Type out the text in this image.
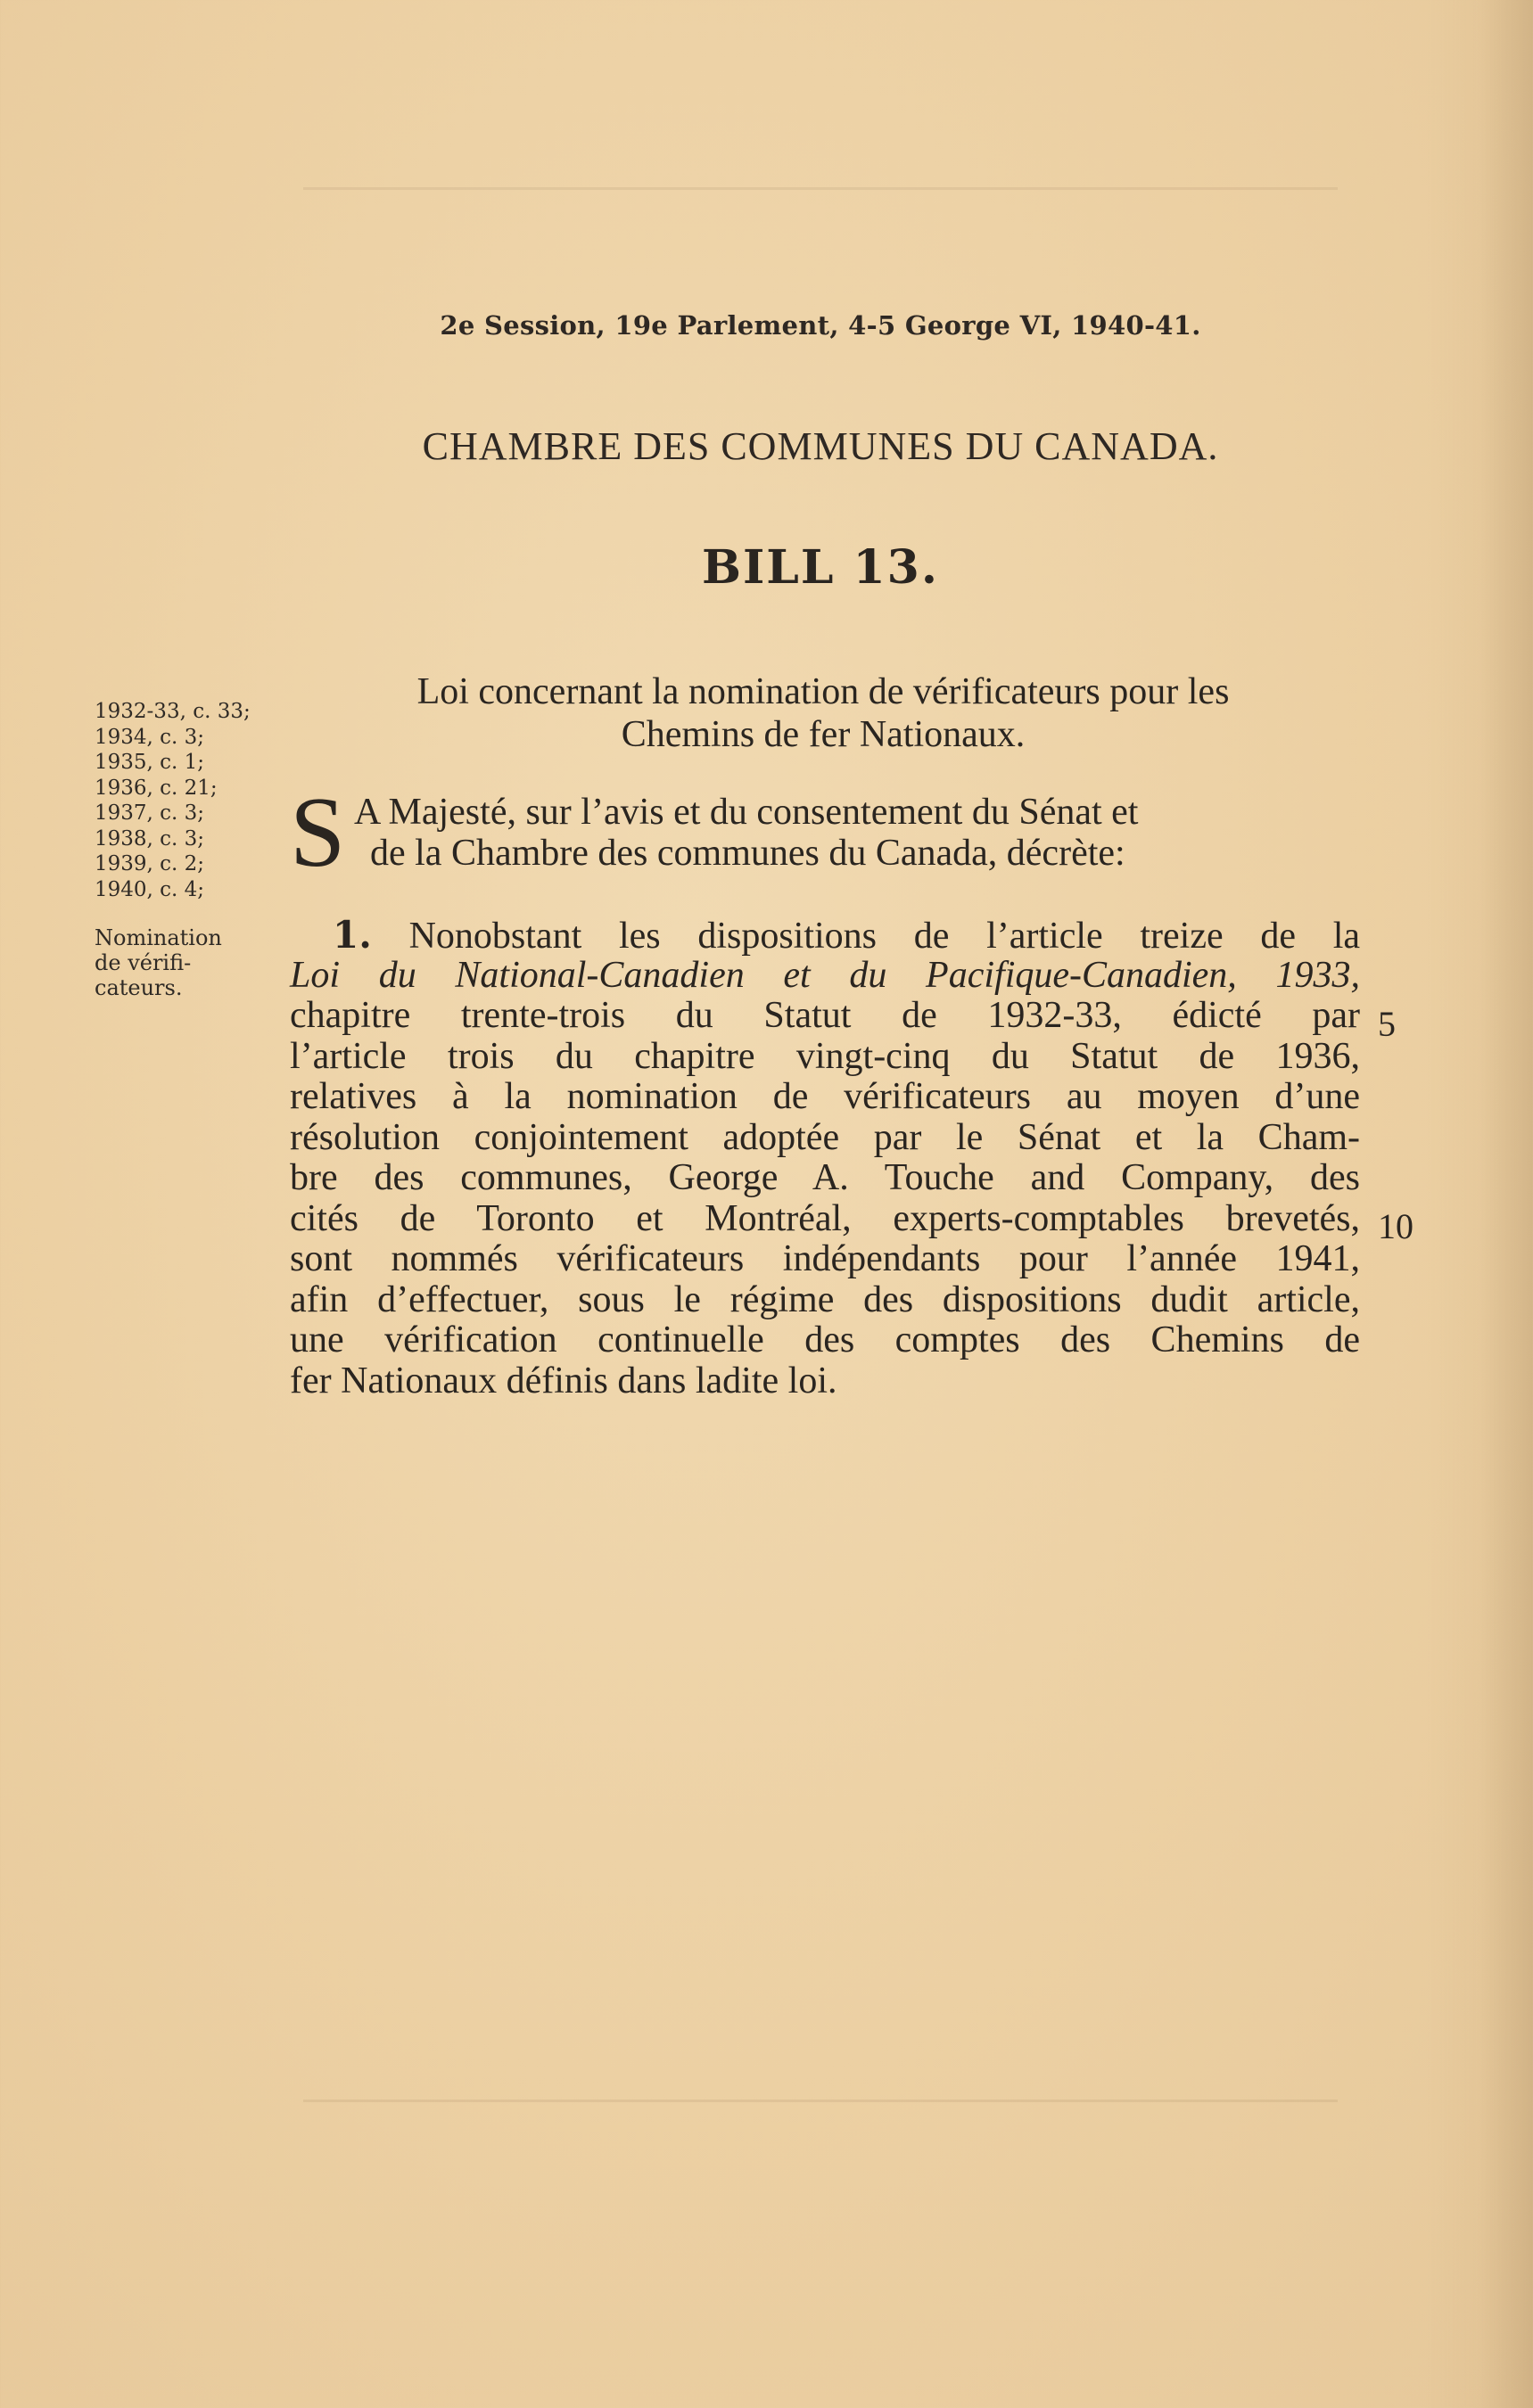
2e Session, 19e Parlement, 4-5 George VI, 1940-41.
CHAMBRE DES COMMUNES DU CANADA.
BILL 13.
1932-33, c. 33;
1934, c. 3;
1935, c. 1;
1936, c. 21;
1937, c. 3;
1938, c. 3;
1939, c. 2;
1940, c. 4;
Nomination
de vérifi-
cateurs.
Loi concernant la nomination de vérificateurs pour les
Chemins de fer Nationaux.
S A Majesté, sur l’avis et du consentement du Sénat et
de la Chambre des communes du Canada, décrète:
1. Nonobstant les dispositions de l’article treize de la
Loi du National-Canadien et du Pacifique-Canadien, 1933,
chapitre trente-trois du Statut de 1932-33, édicté par
l’article trois du chapitre vingt-cinq du Statut de 1936,
relatives à la nomination de vérificateurs au moyen d’une
résolution conjointement adoptée par le Sénat et la Cham-
bre des communes, George A. Touche and Company, des
cités de Toronto et Montréal, experts-comptables brevetés,
sont nommés vérificateurs indépendants pour l’année 1941,
afin d’effectuer, sous le régime des dispositions dudit article,
une vérification continuelle des comptes des Chemins de
fer Nationaux définis dans ladite loi.
5
10
